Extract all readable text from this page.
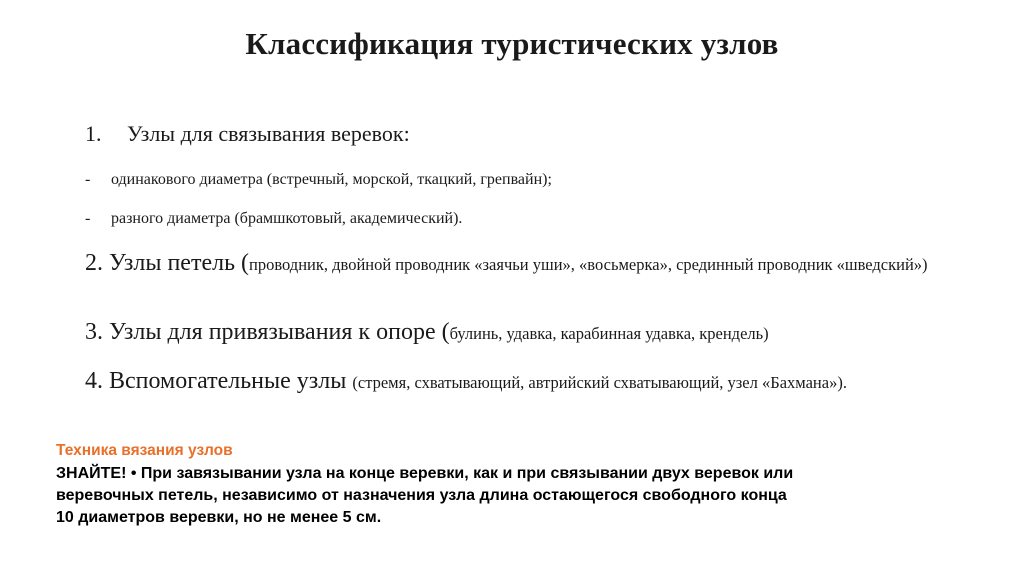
Классификация туристических узлов
1. Узлы для связывания веревок:
- одинакового диаметра (встречный, морской, ткацкий, грепвайн);
- разного диаметра (брамшкотовый, академический).
2. Узлы петель (проводник, двойной проводник «заячьи уши», «восьмерка», срединный проводник «шведский»)
3. Узлы для привязывания к опоре (булинь, удавка, карабинная удавка, крендель)
4. Вспомогательные узлы (стремя, схватывающий, автрийский схватывающий, узел «Бахмана»).
Техника вязания узлов
ЗНАЙТЕ! • При завязывании узла на конце веревки, как и при связывании двух веревок или
веревочных петель, независимо от назначения узла длина остающегося свободного конца
10 диаметров веревки, но не менее 5 см.
